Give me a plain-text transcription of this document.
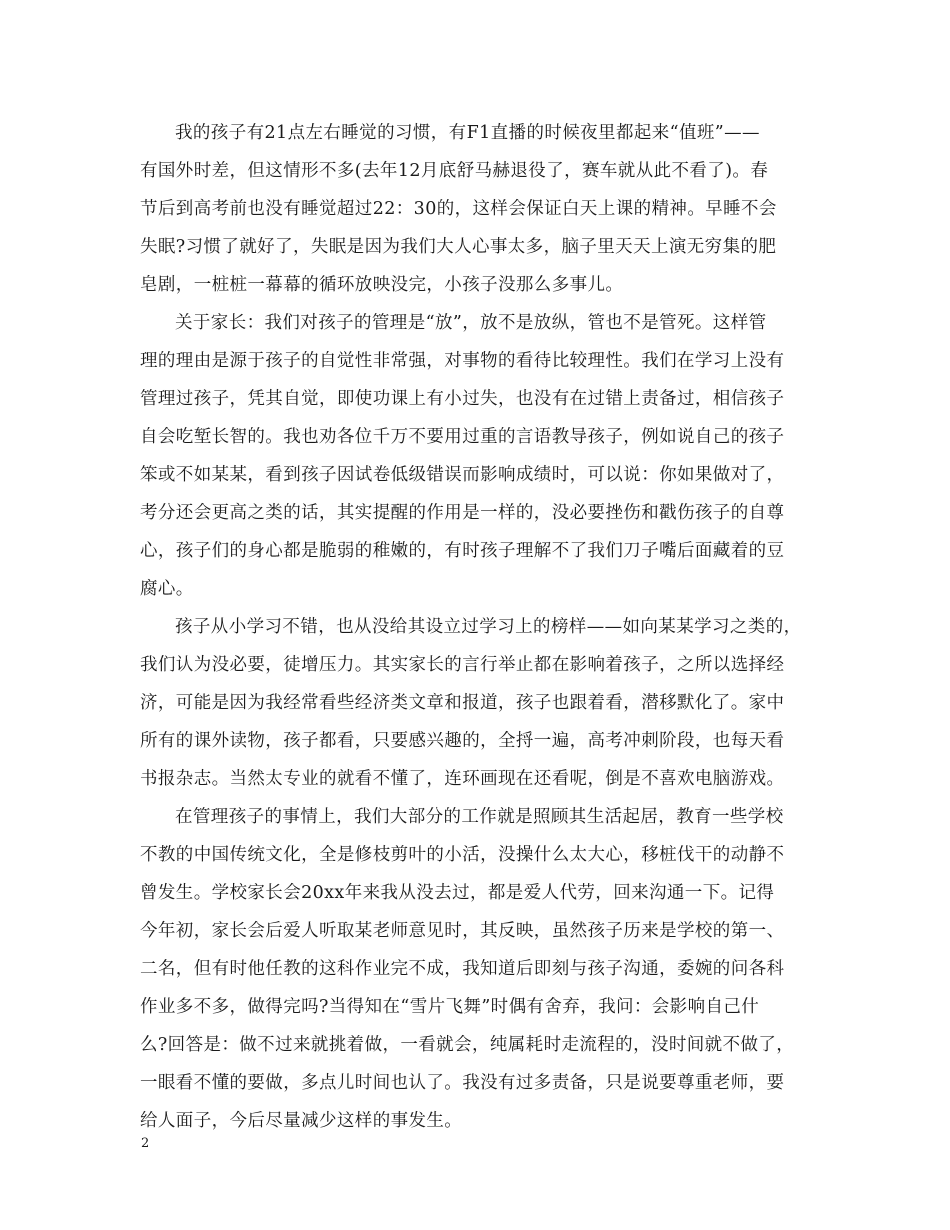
我的孩子有21点左右睡觉的习惯，有F1直播的时候夜里都起来“值班”——
有国外时差，但这情形不多(去年12月底舒马赫退役了，赛车就从此不看了)。春
节后到高考前也没有睡觉超过22：30的，这样会保证白天上课的精神。早睡不会
失眠?习惯了就好了，失眠是因为我们大人心事太多，脑子里天天上演无穷集的肥
皂剧，一桩桩一幕幕的循环放映没完，小孩子没那么多事儿。
关于家长：我们对孩子的管理是“放”，放不是放纵，管也不是管死。这样管
理的理由是源于孩子的自觉性非常强，对事物的看待比较理性。我们在学习上没有
管理过孩子，凭其自觉，即使功课上有小过失，也没有在过错上责备过，相信孩子
自会吃堑长智的。我也劝各位千万不要用过重的言语教导孩子，例如说自己的孩子
笨或不如某某，看到孩子因试卷低级错误而影响成绩时，可以说：你如果做对了，
考分还会更高之类的话，其实提醒的作用是一样的，没必要挫伤和戳伤孩子的自尊
心，孩子们的身心都是脆弱的稚嫩的，有时孩子理解不了我们刀子嘴后面藏着的豆
腐心。
孩子从小学习不错，也从没给其设立过学习上的榜样——如向某某学习之类的，
我们认为没必要，徒增压力。其实家长的言行举止都在影响着孩子，之所以选择经
济，可能是因为我经常看些经济类文章和报道，孩子也跟着看，潜移默化了。家中
所有的课外读物，孩子都看，只要感兴趣的，全捋一遍，高考冲刺阶段，也每天看
书报杂志。当然太专业的就看不懂了，连环画现在还看呢，倒是不喜欢电脑游戏。
在管理孩子的事情上，我们大部分的工作就是照顾其生活起居，教育一些学校
不教的中国传统文化，全是修枝剪叶的小活，没操什么太大心，移桩伐干的动静不
曾发生。学校家长会20xx年来我从没去过，都是爱人代劳，回来沟通一下。记得
今年初，家长会后爱人听取某老师意见时，其反映，虽然孩子历来是学校的第一、
二名，但有时他任教的这科作业完不成，我知道后即刻与孩子沟通，委婉的问各科
作业多不多，做得完吗?当得知在“雪片飞舞”时偶有舍弃，我问：会影响自己什
么?回答是：做不过来就挑着做，一看就会，纯属耗时走流程的，没时间就不做了，
一眼看不懂的要做，多点儿时间也认了。我没有过多责备，只是说要尊重老师，要
给人面子，今后尽量减少这样的事发生。
2
